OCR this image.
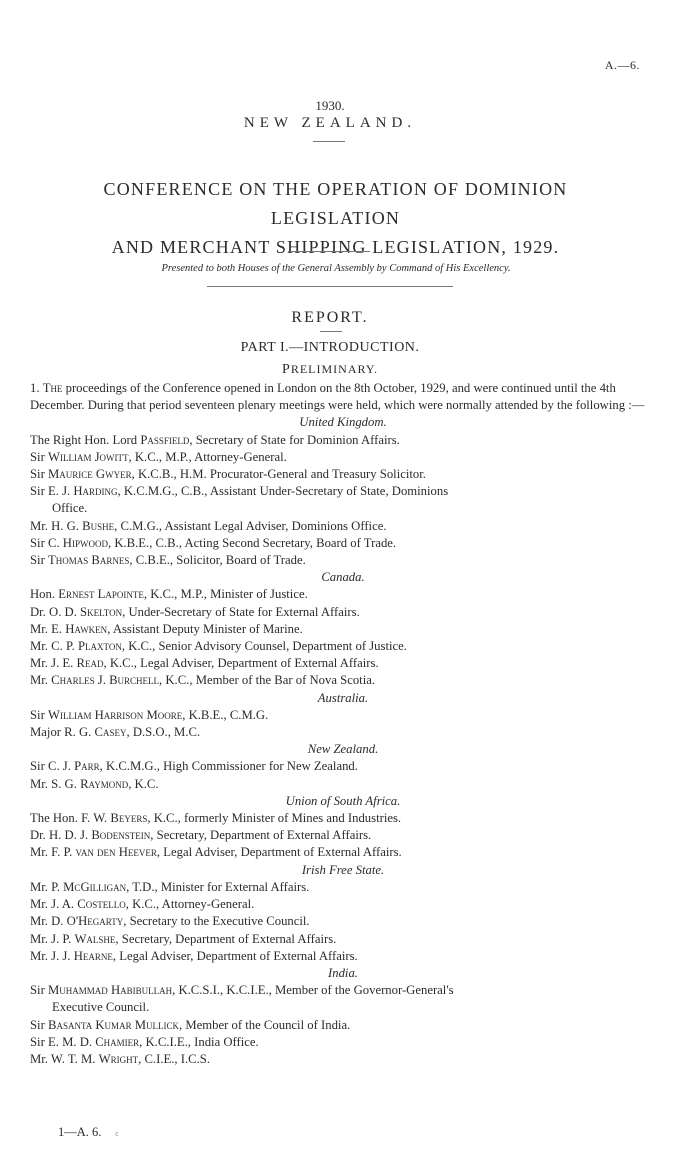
A.—6.
1930.
NEW ZEALAND.
CONFERENCE ON THE OPERATION OF DOMINION LEGISLATION
AND MERCHANT SHIPPING LEGISLATION, 1929.
Presented to both Houses of the General Assembly by Command of His Excellency.
REPORT.
PART I.—INTRODUCTION.
PRELIMINARY.

1. The proceedings of the Conference opened in London on the 8th October, 1929, and were continued until the 4th December. During that period seventeen plenary meetings were held, which were normally attended by the following :—

United Kingdom.

The Right Hon. Lord Passfield, Secretary of State for Dominion Affairs.

Sir William Jowitt, K.C., M.P., Attorney-General.

Sir Maurice Gwyer, K.C.B., H.M. Procurator-General and Treasury Solicitor.

Sir E. J. Harding, K.C.M.G., C.B., Assistant Under-Secretary of State, Dominions

Office.

Mr. H. G. Bushe, C.M.G., Assistant Legal Adviser, Dominions Office.

Sir C. Hipwood, K.B.E., C.B., Acting Second Secretary, Board of Trade.

Sir Thomas Barnes, C.B.E., Solicitor, Board of Trade.

Canada.

Hon. Ernest Lapointe, K.C., M.P., Minister of Justice.

Dr. O. D. Skelton, Under-Secretary of State for External Affairs.

Mr. E. Hawken, Assistant Deputy Minister of Marine.

Mr. C. P. Plaxton, K.C., Senior Advisory Counsel, Department of Justice.

Mr. J. E. Read, K.C., Legal Adviser, Department of External Affairs.

Mr. Charles J. Burchell, K.C., Member of the Bar of Nova Scotia.

Australia.

Sir William Harrison Moore, K.B.E., C.M.G.

Major R. G. Casey, D.S.O., M.C.

New Zealand.

Sir C. J. Parr, K.C.M.G., High Commissioner for New Zealand.

Mr. S. G. Raymond, K.C.

Union of South Africa.

The Hon. F. W. Beyers, K.C., formerly Minister of Mines and Industries.

Dr. H. D. J. Bodenstein, Secretary, Department of External Affairs.

Mr. F. P. van den Heever, Legal Adviser, Department of External Affairs.

Irish Free State.

Mr. P. McGilligan, T.D., Minister for External Affairs.

Mr. J. A. Costello, K.C., Attorney-General.

Mr. D. O'Hegarty, Secretary to the Executive Council.

Mr. J. P. Walshe, Secretary, Department of External Affairs.

Mr. J. J. Hearne, Legal Adviser, Department of External Affairs.

India.

Sir Muhammad Habibullah, K.C.S.I., K.C.I.E., Member of the Governor-General's

Executive Council.

Sir Basanta Kumar Mullick, Member of the Council of India.

Sir E. M. D. Chamier, K.C.I.E., India Office.

Mr. W. T. M. Wright, C.I.E., I.C.S.

1—A. 6. c
